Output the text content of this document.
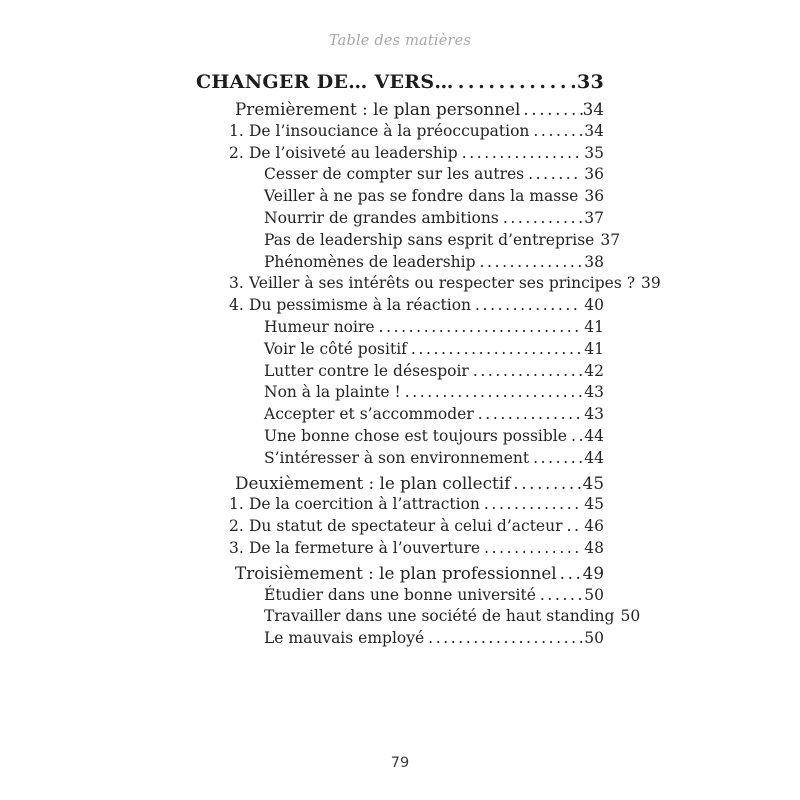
Table des matières
CHANGER DE… VERS… .....	33
Premièrement : le plan personnel .....	34
1. De l’insouciance à la préoccupation .....	34
2. De l’oisiveté au leadership .....	35
Cesser de compter sur les autres .....	36
Veiller à ne pas se fondre dans la masse 36
Nourrir de grandes ambitions .....	37
Pas de leadership sans esprit d’entreprise 37
Phénomènes de leadership .....	38
3. Veiller à ses intérêts ou respecter ses principes ? 39
4. Du pessimisme à la réaction .....	40
Humeur noire .....	41
Voir le côté positif .....	41
Lutter contre le désespoir .....	42
Non à la plainte ! .....	43
Accepter et s’accommoder .....	43
Une bonne chose est toujours possible ..... 44
S’intéresser à son environnement .....	44
Deuxièmement : le plan collectif .....	45
1. De la coercition à l’attraction .....	45
2. Du statut de spectateur à celui d’acteur ..... 46
3. De la fermeture à l’ouverture .....	48
Troisièmement : le plan professionnel ..... 49
Étudier dans une bonne université .....	50
Travailler dans une société de haut standing 50
Le mauvais employé .....	50
79
